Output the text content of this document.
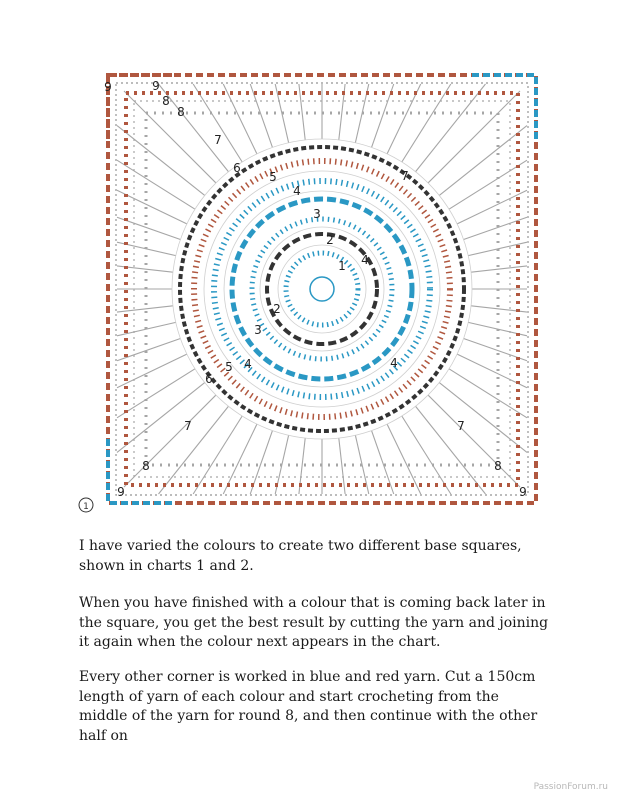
1
2
2
3
3
4
4
4
4
5
5
6
6
7
7	7
7
8
8	8
8
9
9	9
9
1

I have varied the colours to create two different base squares, shown in charts 1 and 2.

When you have finished with a colour that is coming back later in the square, you get the best result by cutting the yarn and joining it again when the colour next appears in the chart.

Every other corner is worked in blue and red yarn. Cut a 150cm length of yarn of each colour and start crocheting from the middle of the yarn for round 8, and then continue with the other half on

PassionForum.ru
